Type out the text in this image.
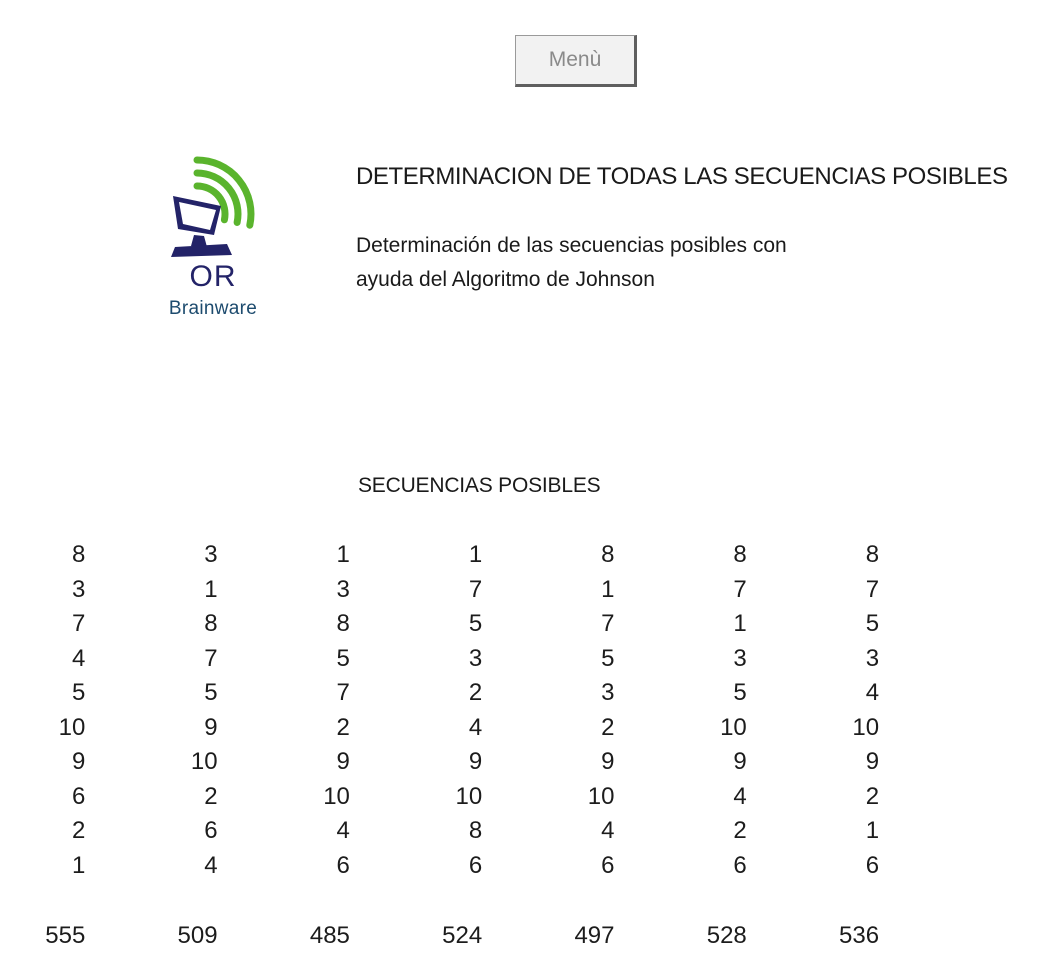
Menù
OR
Brainware
DETERMINACION DE TODAS LAS SECUENCIAS POSIBLES
Determinación de las secuencias posibles con
ayuda del Algoritmo de Johnson
SECUENCIAS POSIBLES
8	3	1	1	8	8	8
3	1	3	7	1	7	7
7	8	8	5	7	1	5
4	7	5	3	5	3	3
5	5	7	2	3	5	4
10	9	2	4	2	10	10
9	10	9	9	9	9	9
6	2	10	10	10	4	2
2	6	4	8	4	2	1
1	4	6	6	6	6	6
555	509	485	524	497	528	536
